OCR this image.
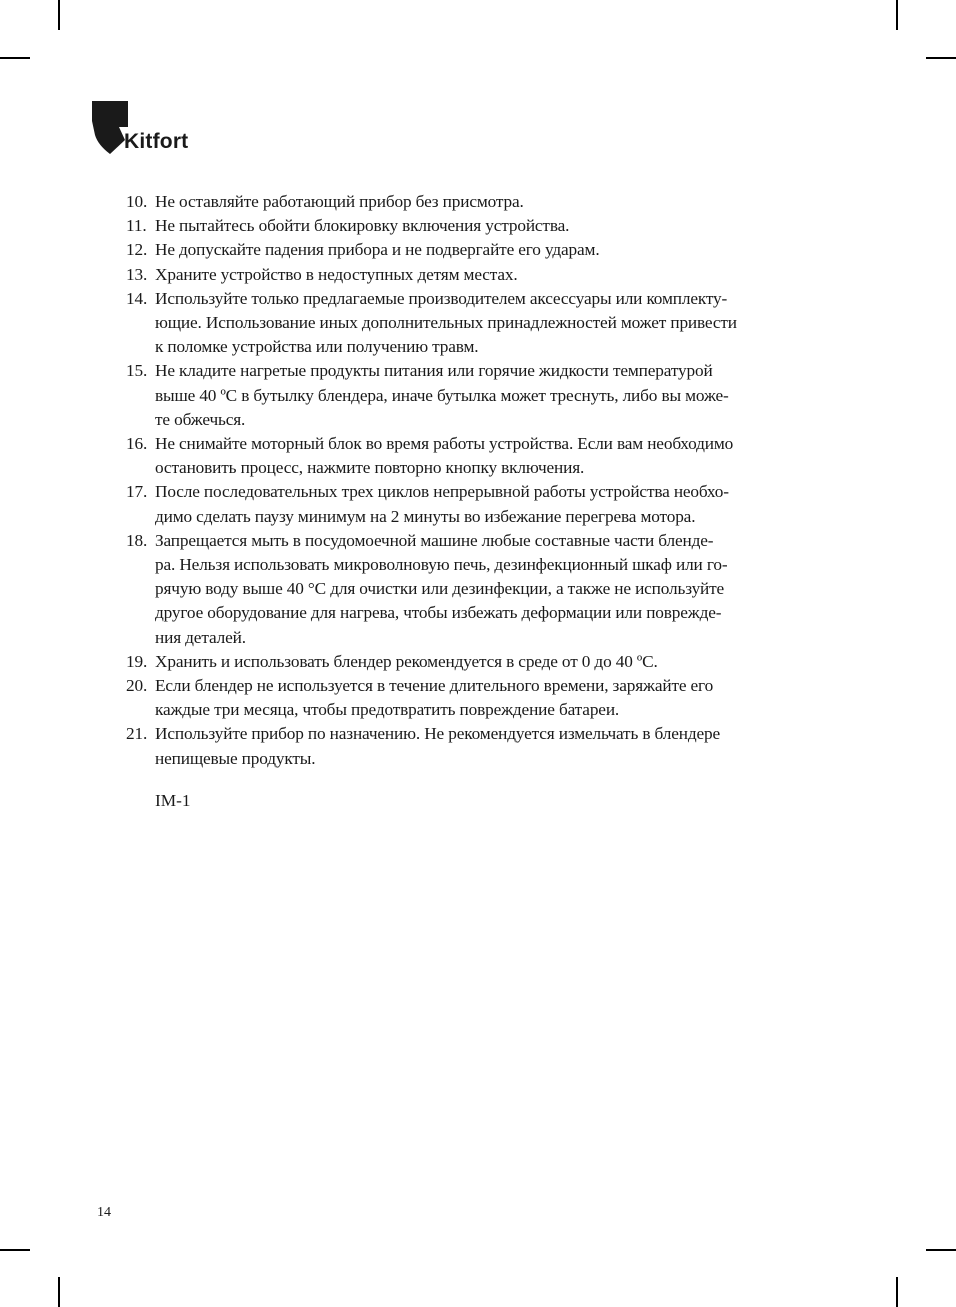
Kitfort
10. Не оставляйте работающий прибор без присмотра.
11. Не пытайтесь обойти блокировку включения устройства.
12. Не допускайте падения прибора и не подвергайте его ударам.
13. Храните устройство в недоступных детям местах.
14. Используйте только предлагаемые производителем аксессуары или комплекту-
ющие. Использование иных дополнительных принадлежностей может привести
к поломке устройства или получению травм.
15. Не кладите нагретые продукты питания или горячие жидкости температурой
выше 40 ºС в бутылку блендера, иначе бутылка может треснуть, либо вы може-
те обжечься.
16. Не снимайте моторный блок во время работы устройства. Если вам необходимо
остановить процесс, нажмите повторно кнопку включения.
17. После последовательных трех циклов непрерывной работы устройства необхо-
димо сделать паузу минимум на 2 минуты во избежание перегрева мотора.
18. Запрещается мыть в посудомоечной машине любые составные части бленде-
ра. Нельзя использовать микроволновую печь, дезинфекционный шкаф или го-
рячую воду выше 40 °С для очистки или дезинфекции, а также не используйте
другое оборудование для нагрева, чтобы избежать деформации или поврежде-
ния деталей.
19. Хранить и использовать блендер рекомендуется в среде от 0 до 40 ºС.
20. Если блендер не используется в течение длительного времени, заряжайте его
каждые три месяца, чтобы предотвратить повреждение батареи.
21. Используйте прибор по назначению. Не рекомендуется измельчать в блендере
непищевые продукты.
IM-1
14
